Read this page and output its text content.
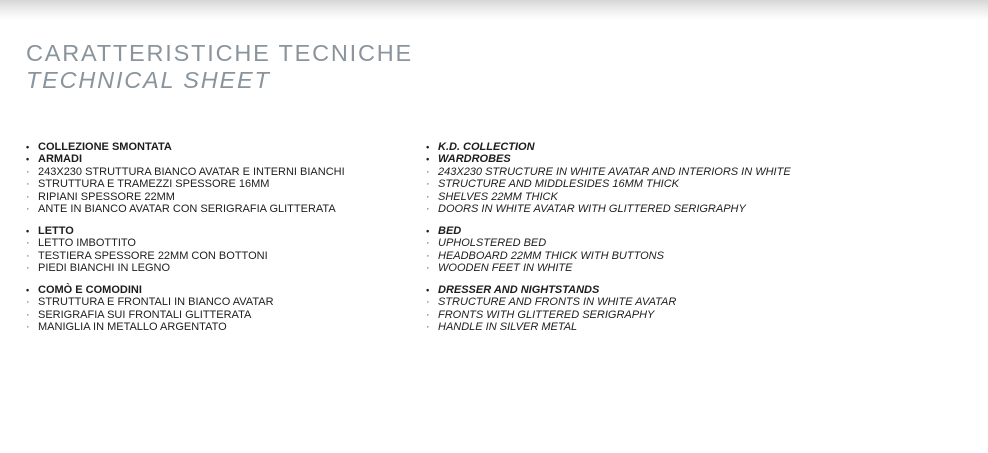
CARATTERISTICHE TECNICHE
TECHNICAL SHEET
• COLLEZIONE SMONTATA
• ARMADI
· 243X230 STRUTTURA BIANCO AVATAR E INTERNI BIANCHI
· STRUTTURA E TRAMEZZI SPESSORE 16MM
· RIPIANI SPESSORE 22MM
· ANTE IN BIANCO AVATAR CON SERIGRAFIA GLITTERATA
• LETTO
· LETTO IMBOTTITO
· TESTIERA SPESSORE 22MM CON BOTTONI
· PIEDI BIANCHI IN LEGNO
• COMÒ E COMODINI
· STRUTTURA E FRONTALI IN BIANCO AVATAR
· SERIGRAFIA SUI FRONTALI GLITTERATA
· MANIGLIA IN METALLO ARGENTATO
• K.D. COLLECTION
• WARDROBES
· 243X230 STRUCTURE IN WHITE AVATAR AND INTERIORS IN WHITE
· STRUCTURE AND MIDDLESIDES 16MM THICK
· SHELVES 22MM THICK
· DOORS IN WHITE AVATAR WITH GLITTERED SERIGRAPHY
• BED
· UPHOLSTERED BED
· HEADBOARD 22MM THICK WITH BUTTONS
· WOODEN FEET IN WHITE
• DRESSER AND NIGHTSTANDS
· STRUCTURE AND FRONTS IN WHITE AVATAR
· FRONTS WITH GLITTERED SERIGRAPHY
· HANDLE IN SILVER METAL
